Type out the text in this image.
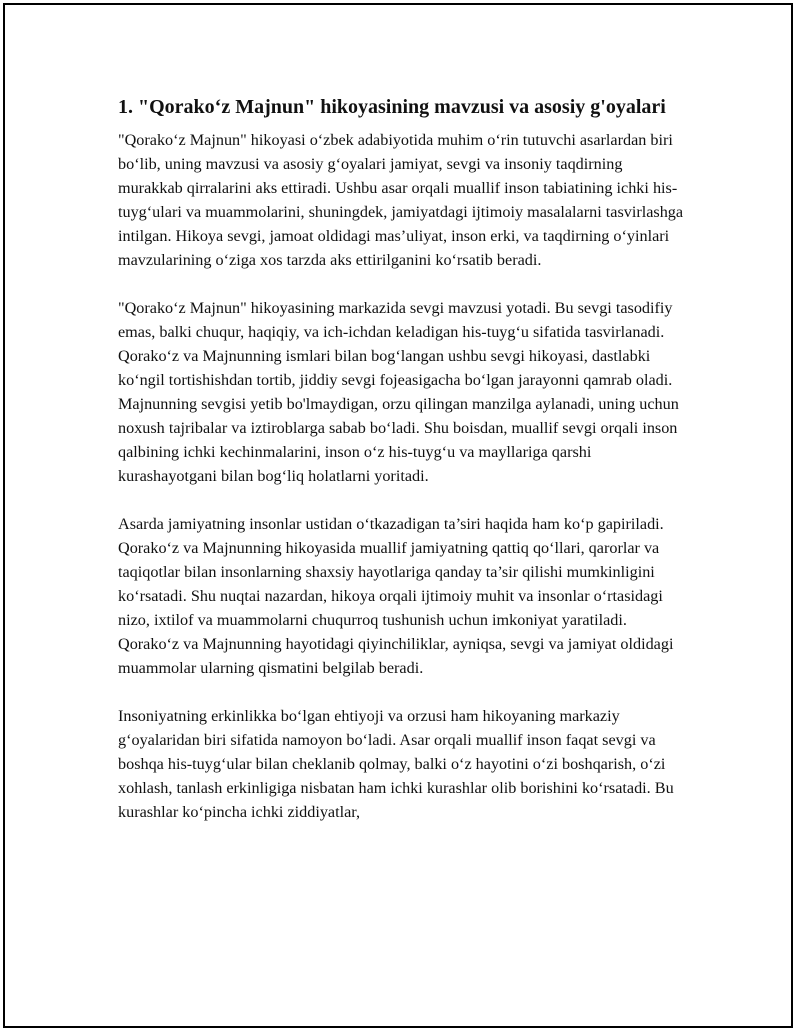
1. "Qorako‘z Majnun" hikoyasining mavzusi va asosiy g'oyalari

"Qorako‘z Majnun" hikoyasi o‘zbek adabiyotida muhim o‘rin tutuvchi asarlardan biri bo‘lib, uning mavzusi va asosiy g‘oyalari jamiyat, sevgi va insoniy taqdirning murakkab qirralarini aks ettiradi. Ushbu asar orqali muallif inson tabiatining ichki his-tuyg‘ulari va muammolarini, shuningdek, jamiyatdagi ijtimoiy masalalarni tasvirlashga intilgan. Hikoya sevgi, jamoat oldidagi mas’uliyat, inson erki, va taqdirning o‘yinlari mavzularining o‘ziga xos tarzda aks ettirilganini ko‘rsatib beradi.

"Qorako‘z Majnun" hikoyasining markazida sevgi mavzusi yotadi. Bu sevgi tasodifiy emas, balki chuqur, haqiqiy, va ich-ichdan keladigan his-tuyg‘u sifatida tasvirlanadi. Qorako‘z va Majnunning ismlari bilan bog‘langan ushbu sevgi hikoyasi, dastlabki ko‘ngil tortishishdan tortib, jiddiy sevgi fojeasigacha bo‘lgan jarayonni qamrab oladi. Majnunning sevgisi yetib bo'lmaydigan, orzu qilingan manzilga aylanadi, uning uchun noxush tajribalar va iztiroblarga sabab bo‘ladi. Shu boisdan, muallif sevgi orqali inson qalbining ichki kechinmalarini, inson o‘z his-tuyg‘u va mayllariga qarshi kurashayotgani bilan bog‘liq holatlarni yoritadi.

Asarda jamiyatning insonlar ustidan o‘tkazadigan ta’siri haqida ham ko‘p gapiriladi. Qorako‘z va Majnunning hikoyasida muallif jamiyatning qattiq qo‘llari, qarorlar va taqiqotlar bilan insonlarning shaxsiy hayotlariga qanday ta’sir qilishi mumkinligini ko‘rsatadi. Shu nuqtai nazardan, hikoya orqali ijtimoiy muhit va insonlar o‘rtasidagi nizo, ixtilof va muammolarni chuqurroq tushunish uchun imkoniyat yaratiladi. Qorako‘z va Majnunning hayotidagi qiyinchiliklar, ayniqsa, sevgi va jamiyat oldidagi muammolar ularning qismatini belgilab beradi.

Insoniyatning erkinlikka bo‘lgan ehtiyoji va orzusi ham hikoyaning markaziy g‘oyalaridan biri sifatida namoyon bo‘ladi. Asar orqali muallif inson faqat sevgi va boshqa his-tuyg‘ular bilan cheklanib qolmay, balki o‘z hayotini o‘zi boshqarish, o‘zi xohlash, tanlash erkinligiga nisbatan ham ichki kurashlar olib borishini ko‘rsatadi. Bu kurashlar ko‘pincha ichki ziddiyatlar,
